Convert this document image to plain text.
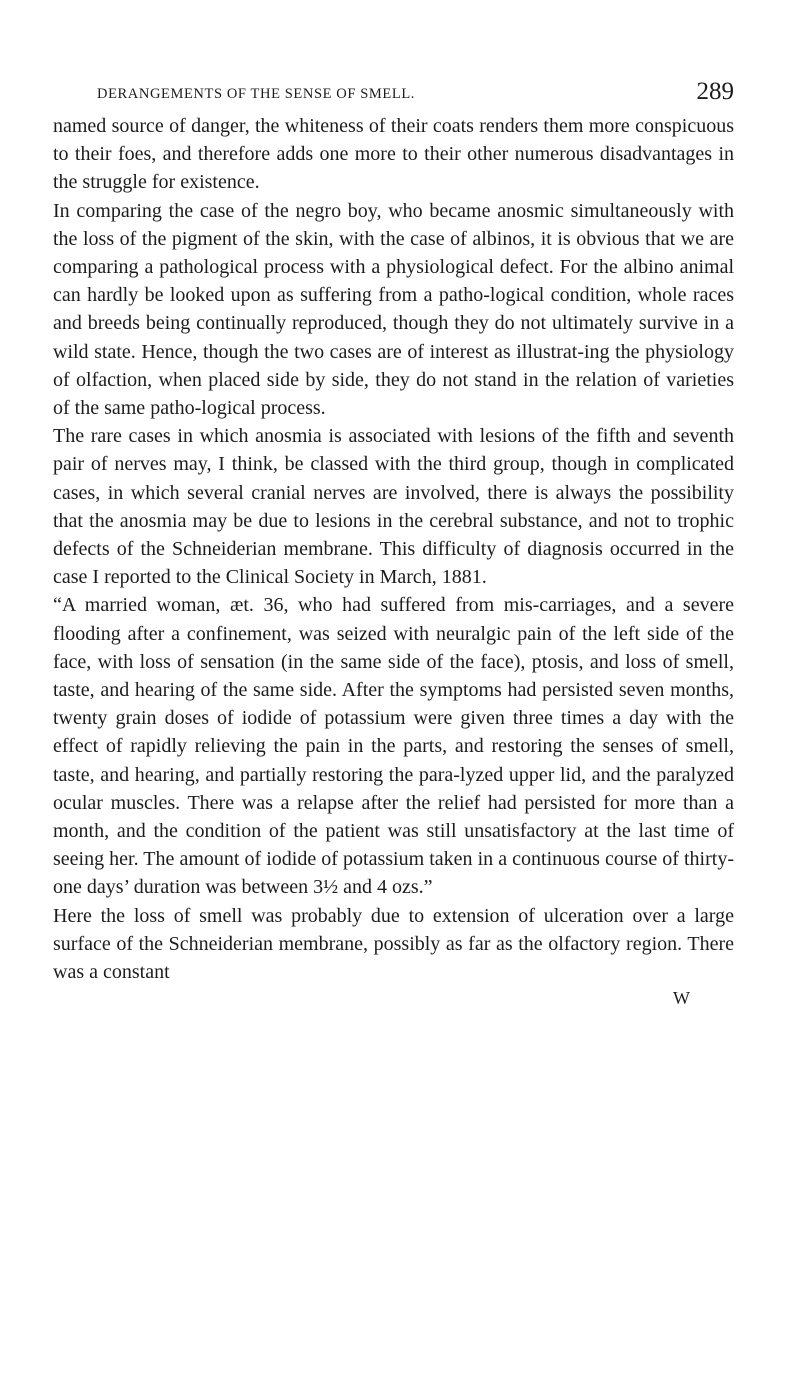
DERANGEMENTS OF THE SENSE OF SMELL.	289

named source of danger, the whiteness of their coats renders them more conspicuous to their foes, and therefore adds one more to their other numerous disadvantages in the struggle for existence.

In comparing the case of the negro boy, who became anosmic simultaneously with the loss of the pigment of the skin, with the case of albinos, it is obvious that we are comparing a pathological process with a physiological defect. For the albino animal can hardly be looked upon as suffering from a patho-logical condition, whole races and breeds being continually reproduced, though they do not ultimately survive in a wild state. Hence, though the two cases are of interest as illustrat-ing the physiology of olfaction, when placed side by side, they do not stand in the relation of varieties of the same patho-logical process.

The rare cases in which anosmia is associated with lesions of the fifth and seventh pair of nerves may, I think, be classed with the third group, though in complicated cases, in which several cranial nerves are involved, there is always the possibility that the anosmia may be due to lesions in the cerebral substance, and not to trophic defects of the Schneiderian membrane. This difficulty of diagnosis occurred in the case I reported to the Clinical Society in March, 1881.

“A married woman, æt. 36, who had suffered from mis-carriages, and a severe flooding after a confinement, was seized with neuralgic pain of the left side of the face, with loss of sensation (in the same side of the face), ptosis, and loss of smell, taste, and hearing of the same side. After the symptoms had persisted seven months, twenty grain doses of iodide of potassium were given three times a day with the effect of rapidly relieving the pain in the parts, and restoring the senses of smell, taste, and hearing, and partially restoring the para-lyzed upper lid, and the paralyzed ocular muscles. There was a relapse after the relief had persisted for more than a month, and the condition of the patient was still unsatisfactory at the last time of seeing her. The amount of iodide of potassium taken in a continuous course of thirty-one days’ duration was between 3½ and 4 ozs.”

Here the loss of smell was probably due to extension of ulceration over a large surface of the Schneiderian membrane, possibly as far as the olfactory region. There was a constant

W
